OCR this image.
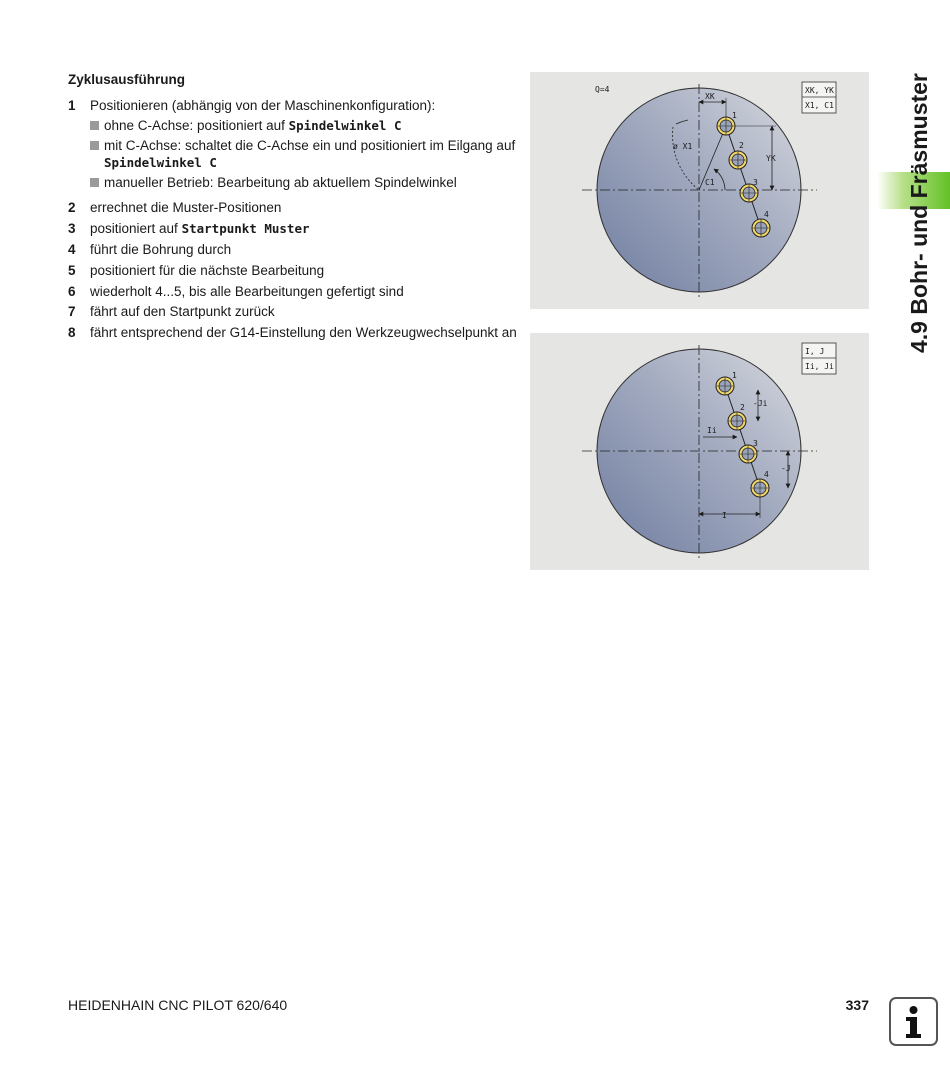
Zyklusausführung
1 Positionieren (abhängig von der Maschinenkonfiguration):
ohne C-Achse: positioniert auf Spindelwinkel C
mit C-Achse: schaltet die C-Achse ein und positioniert im Eilgang auf Spindelwinkel C
manueller Betrieb: Bearbeitung ab aktuellem Spindelwinkel
2 errechnet die Muster-Positionen
3 positioniert auf Startpunkt Muster
4 führt die Bohrung durch
5 positioniert für die nächste Bearbeitung
6 wiederholt 4...5, bis alle Bearbeitungen gefertigt sind
7 fährt auf den Startpunkt zurück
8 fährt entsprechend der G14-Einstellung den Werkzeugwechselpunkt an
1
2
3
4
Q=4
XK
YK
ø X1
C1
XK, YK
X1, C1
1
2
3
4
-Ji
Ii
-J
I
I, J
Ii, Ji
4.9 Bohr- und Fräsmuster
HEIDENHAIN CNC PILOT 620/640	337
